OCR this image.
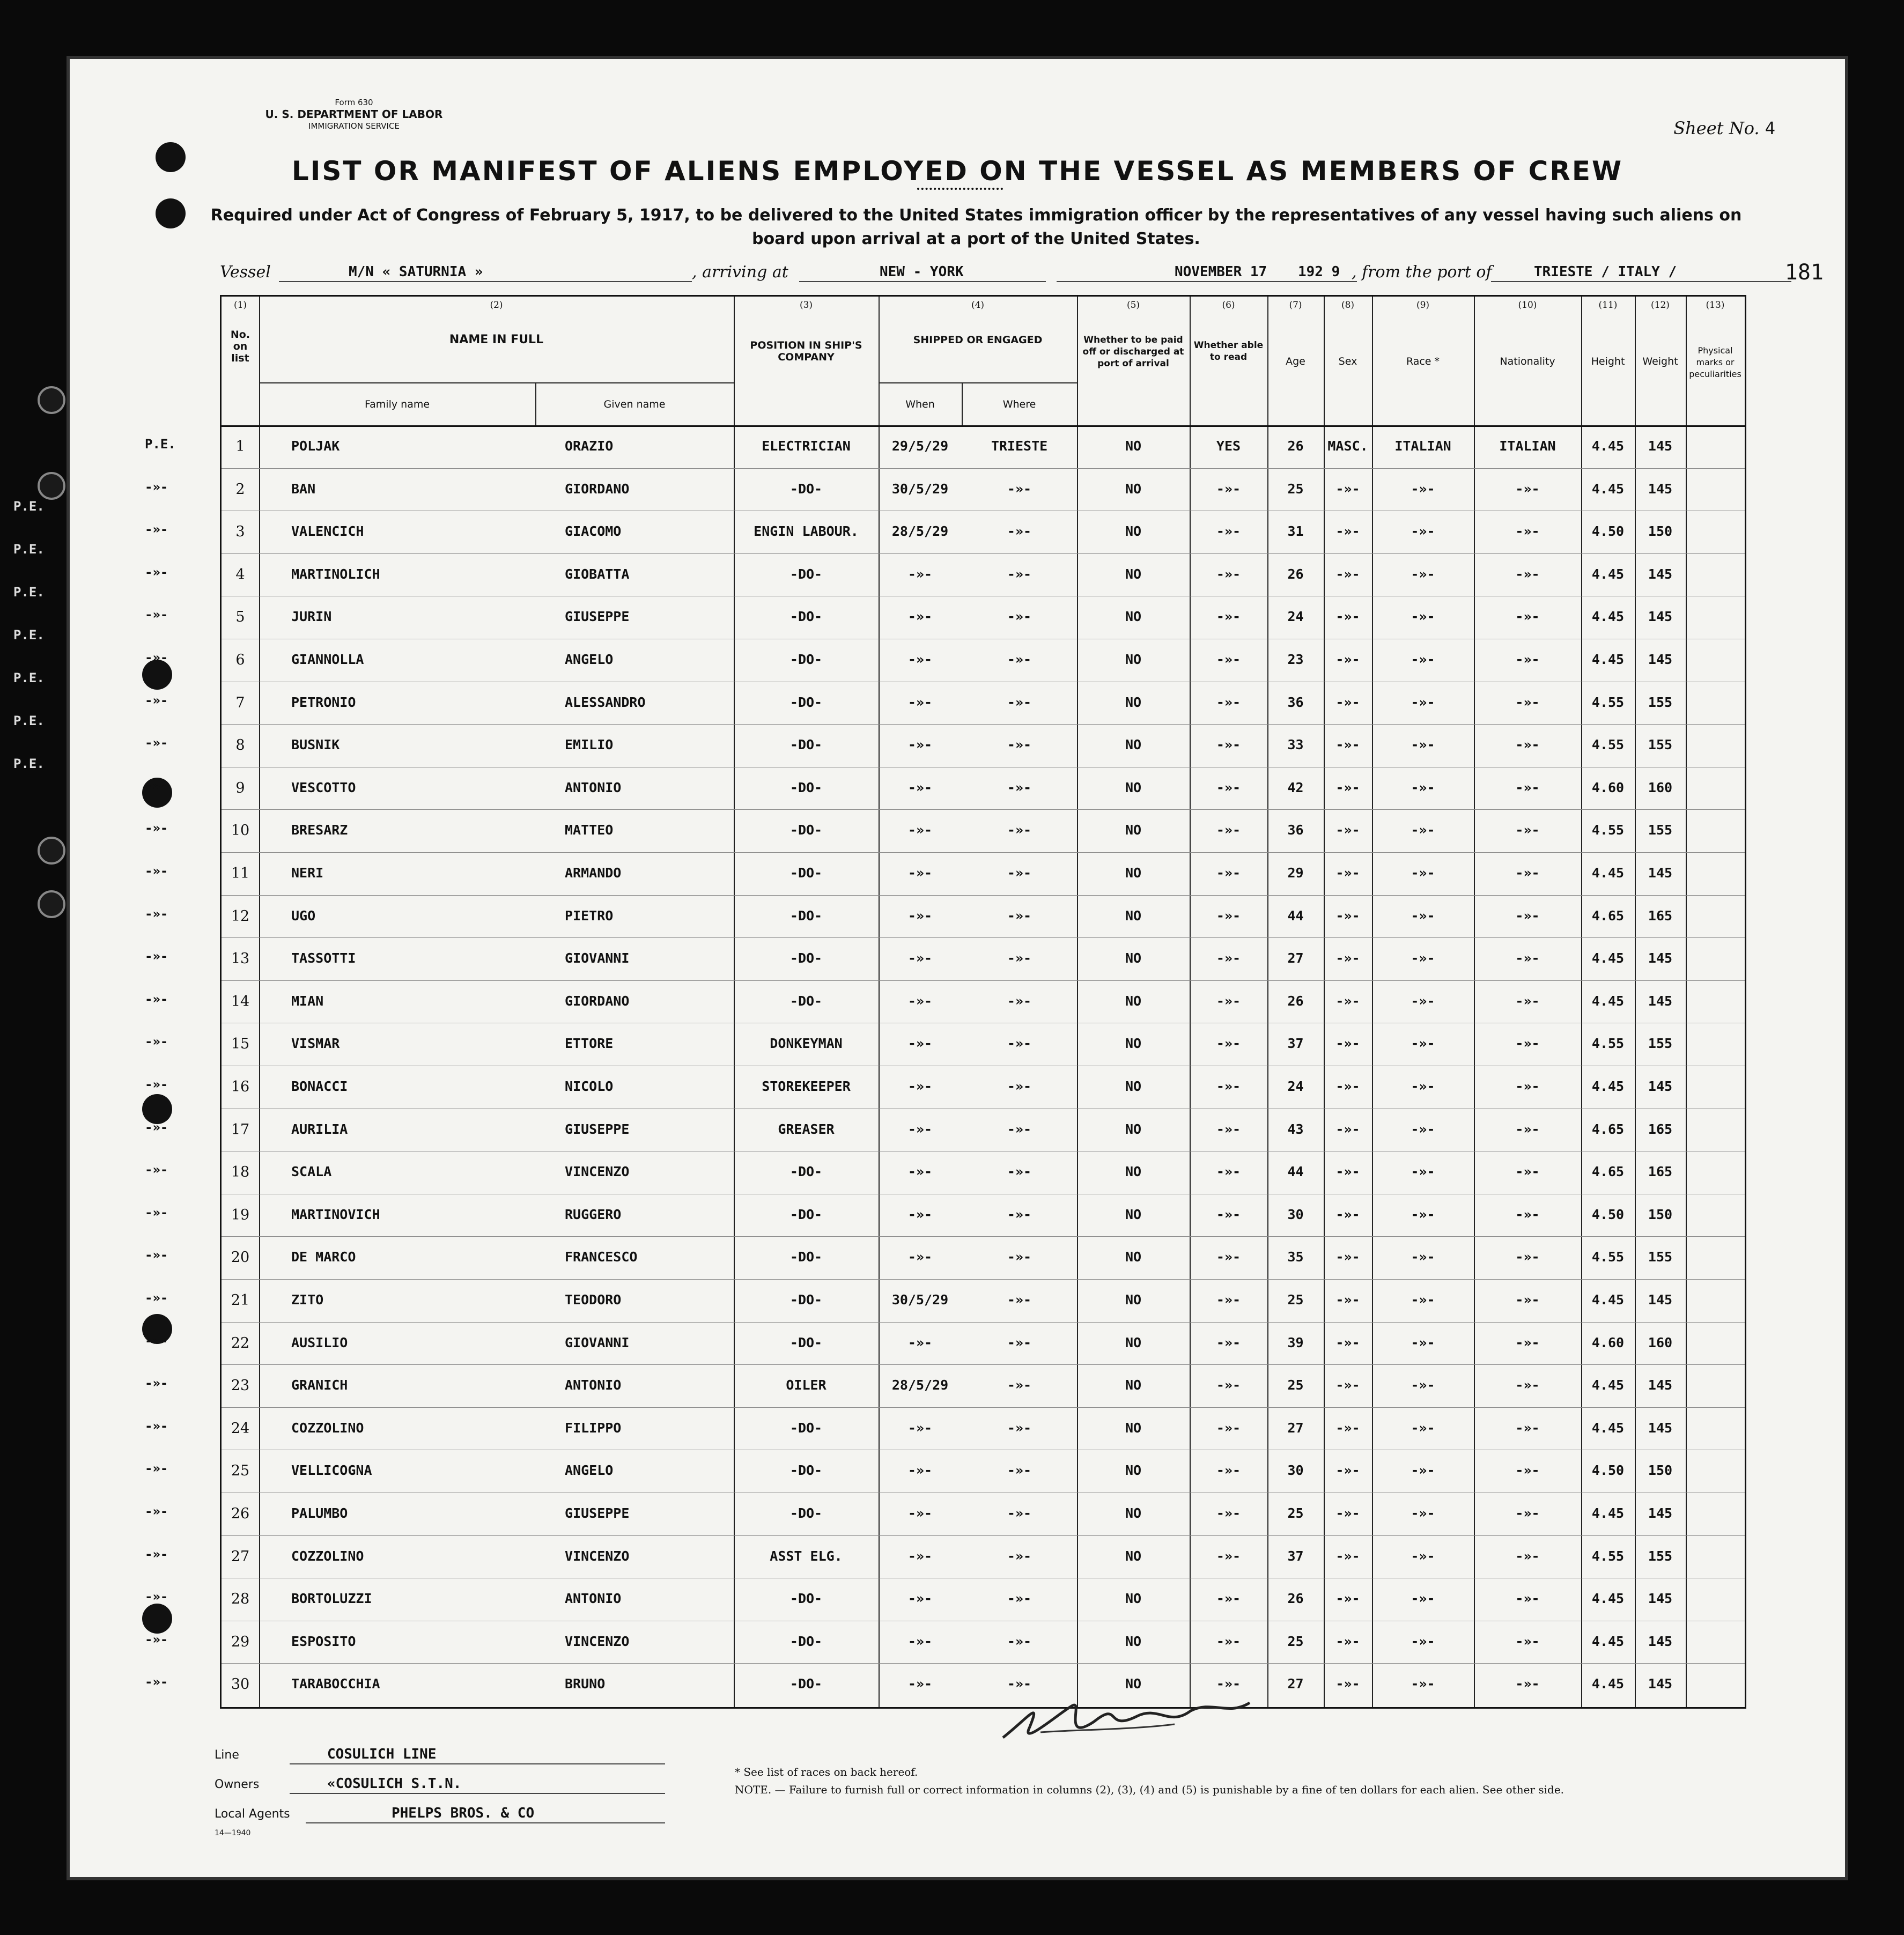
Form 630
U. S. DEPARTMENT OF LABOR
IMMIGRATION SERVICE	Sheet No. 4
LIST OR MANIFEST OF ALIENS EMPLOYED ON THE VESSEL AS MEMBERS OF CREW
Required under Act of Congress of February 5, 1917, to be delivered to the United States immigration officer by the representatives of any vessel having such aliens on board upon arrival at a port of the United States.
Vessel	M/N « SATURNIA »	, arriving at	NEW - YORK	NOVEMBER 17 192 9 , from the port of	TRIESTE / ITALY /	181
(1)	(2)	(3)	(4)	(5)	(6)	(7)	(8)	(9)	(10)	(11)	(12)	(13)
No. on list
NAME IN FULL
Family name	Given name
POSITION IN SHIP'S COMPANY
SHIPPED OR ENGAGED
When	Where
Whether to be paid off or discharged at port of arrival
Whether able to read	Age	Sex	Race *	Nationality	Height	Weight
Physical marks or peculiarities
1	POLJAK	ORAZIO	ELECTRICIAN	29/5/29	TRIESTE	NO	YES	26	MASC.	ITALIAN	ITALIAN	4.45	145
2	BAN	GIORDANO	-DO-	30/5/29	-»-	NO	-»-	25	-»-	-»-	-»-	4.45	145
3	VALENCICH	GIACOMO	ENGIN LABOUR.	28/5/29	-»-	NO	-»-	31	-»-	-»-	-»-	4.50	150
4	MARTINOLICH	GIOBATTA	-DO-	-»-	-»-	NO	-»-	26	-»-	-»-	-»-	4.45	145
5	JURIN	GIUSEPPE	-DO-	-»-	-»-	NO	-»-	24	-»-	-»-	-»-	4.45	145
6	GIANNOLLA	ANGELO	-DO-	-»-	-»-	NO	-»-	23	-»-	-»-	-»-	4.45	145
7	PETRONIO	ALESSANDRO	-DO-	-»-	-»-	NO	-»-	36	-»-	-»-	-»-	4.55	155
8	BUSNIK	EMILIO	-DO-	-»-	-»-	NO	-»-	33	-»-	-»-	-»-	4.55	155
9	VESCOTTO	ANTONIO	-DO-	-»-	-»-	NO	-»-	42	-»-	-»-	-»-	4.60	160
10	BRESARZ	MATTEO	-DO-	-»-	-»-	NO	-»-	36	-»-	-»-	-»-	4.55	155
11	NERI	ARMANDO	-DO-	-»-	-»-	NO	-»-	29	-»-	-»-	-»-	4.45	145
12	UGO	PIETRO	-DO-	-»-	-»-	NO	-»-	44	-»-	-»-	-»-	4.65	165
13	TASSOTTI	GIOVANNI	-DO-	-»-	-»-	NO	-»-	27	-»-	-»-	-»-	4.45	145
14	MIAN	GIORDANO	-DO-	-»-	-»-	NO	-»-	26	-»-	-»-	-»-	4.45	145
15	VISMAR	ETTORE	DONKEYMAN	-»-	-»-	NO	-»-	37	-»-	-»-	-»-	4.55	155
16	BONACCI	NICOLO	STOREKEEPER	-»-	-»-	NO	-»-	24	-»-	-»-	-»-	4.45	145
17	AURILIA	GIUSEPPE	GREASER	-»-	-»-	NO	-»-	43	-»-	-»-	-»-	4.65	165
18	SCALA	VINCENZO	-DO-	-»-	-»-	NO	-»-	44	-»-	-»-	-»-	4.65	165
19	MARTINOVICH	RUGGERO	-DO-	-»-	-»-	NO	-»-	30	-»-	-»-	-»-	4.50	150
20	DE MARCO	FRANCESCO	-DO-	-»-	-»-	NO	-»-	35	-»-	-»-	-»-	4.55	155
21	ZITO	TEODORO	-DO-	30/5/29	-»-	NO	-»-	25	-»-	-»-	-»-	4.45	145
22	AUSILIO	GIOVANNI	-DO-	-»-	-»-	NO	-»-	39	-»-	-»-	-»-	4.60	160
23	GRANICH	ANTONIO	OILER	28/5/29	-»-	NO	-»-	25	-»-	-»-	-»-	4.45	145
24	COZZOLINO	FILIPPO	-DO-	-»-	-»-	NO	-»-	27	-»-	-»-	-»-	4.45	145
25	VELLICOGNA	ANGELO	-DO-	-»-	-»-	NO	-»-	30	-»-	-»-	-»-	4.50	150
26	PALUMBO	GIUSEPPE	-DO-	-»-	-»-	NO	-»-	25	-»-	-»-	-»-	4.45	145
27	COZZOLINO	VINCENZO	ASST ELG.	-»-	-»-	NO	-»-	37	-»-	-»-	-»-	4.55	155
28	BORTOLUZZI	ANTONIO	-DO-	-»-	-»-	NO	-»-	26	-»-	-»-	-»-	4.45	145
29	ESPOSITO	VINCENZO	-DO-	-»-	-»-	NO	-»-	25	-»-	-»-	-»-	4.45	145
30	TARABOCCHIA	BRUNO	-DO-	-»-	-»-	NO	-»-	27	-»-	-»-	-»-	4.45	145
P.E.
-»-
-»-
-»-
-»-
-»-
-»-
-»-
-»-
-»-
-»-
-»-
-»-
-»-
-»-
-»-
-»-
-»-
-»-
-»-
-»-
-»-
-»-
-»-
-»-
-»-
-»-
-»-
-»-
-»-
P.E.
P.E.
P.E.
P.E.
P.E.
P.E.
P.E.
Line	COSULICH LINE
Owners	«COSULICH S.T.N.
Local Agents	PHELPS BROS. & CO
14—1940
* See list of races on back hereof.
NOTE. — Failure to furnish full or correct information in columns (2), (3), (4) and (5) is punishable by a fine of ten dollars for each alien. See other side.
